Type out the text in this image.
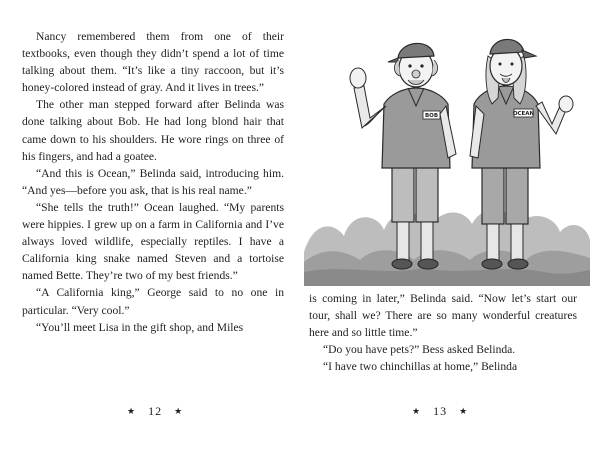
Nancy remembered them from one of their textbooks, even though they didn’t spend a lot of time talking about them. “It’s like a tiny raccoon, but it’s honey-colored instead of gray. And it lives in trees.”

The other man stepped forward after Belinda was done talking about Bob. He had long blond hair that came down to his shoulders. He wore rings on three of his fingers, and had a goatee.

“And this is Ocean,” Belinda said, introducing him. “And yes—before you ask, that is his real name.”

“She tells the truth!” Ocean laughed. “My parents were hippies. I grew up on a farm in California and I’ve always loved wildlife, especially reptiles. I have a California king snake named Steven and a tortoise named Bette. They’re two of my best friends.”

“A California king,” George said to no one in particular. “Very cool.”

“You’ll meet Lisa in the gift shop, and Miles

★ 12 ★
BOB	OCEAN

is coming in later,” Belinda said. “Now let’s start our tour, shall we? There are so many wonderful creatures here and so little time.”

“Do you have pets?” Bess asked Belinda.

“I have two chinchillas at home,” Belinda

★ 13 ★
